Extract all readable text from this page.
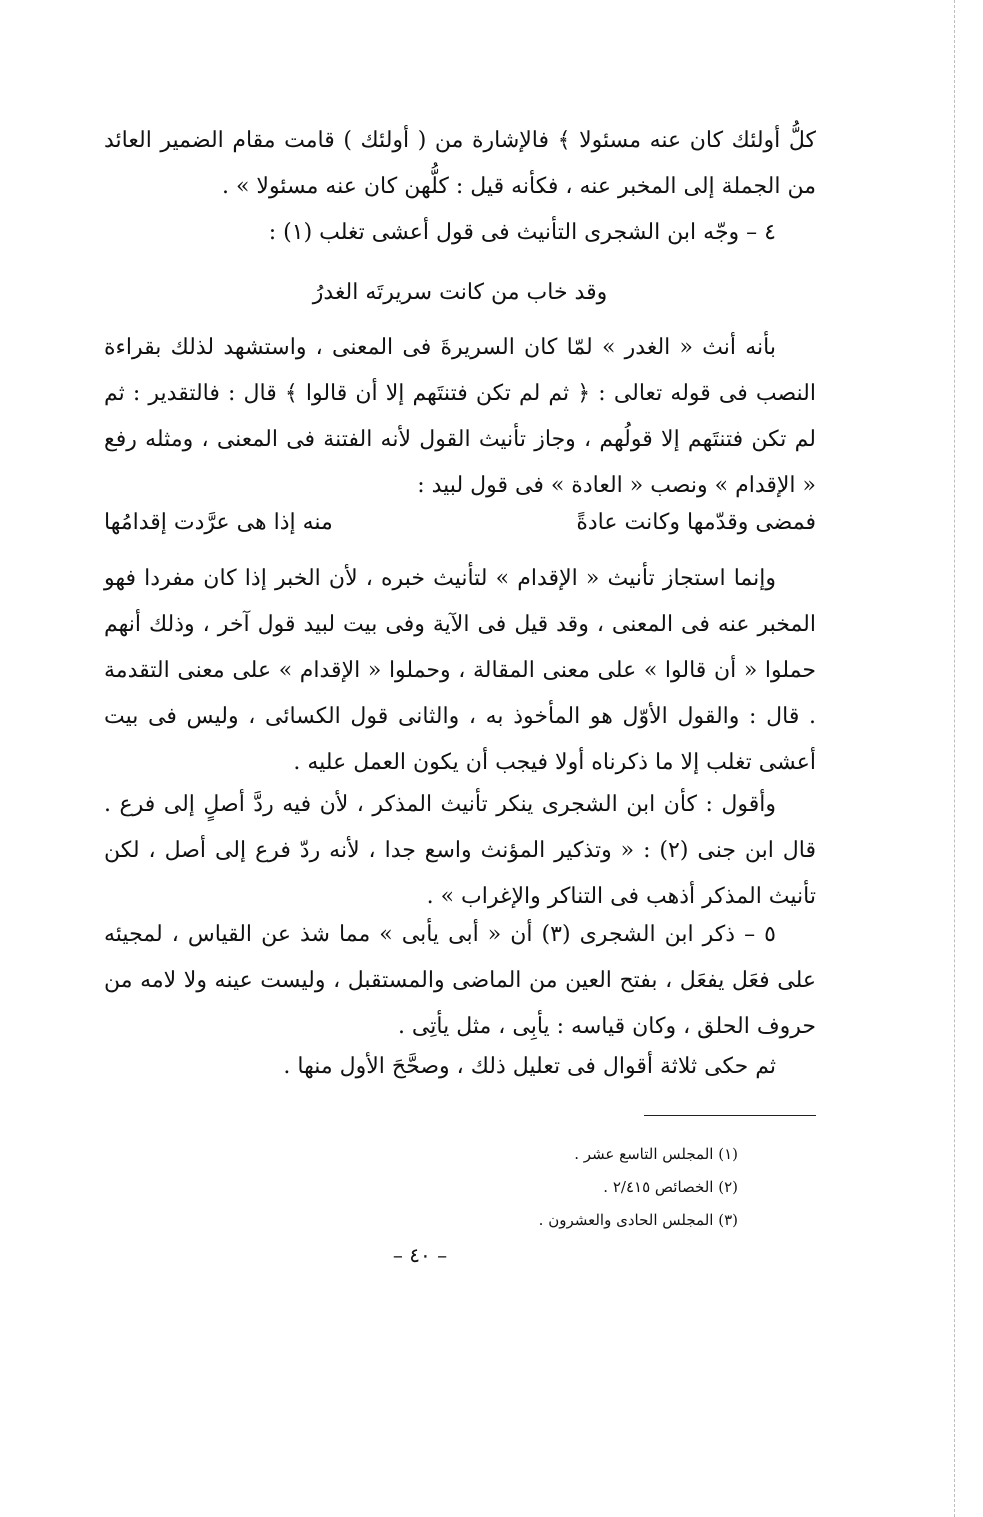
كلُّ أولئك كان عنه مسئولا ﴾ فالإشارة من ( أولئك ) قامت مقام الضمير العائد من الجملة إلى المخبر عنه ، فكأنه قيل : كلُّهن كان عنه مسئولا » .

٤ – وجّه ابن الشجرى التأنيث فى قول أعشى تغلب (١) :

وقد خاب من كانت سريرتَه الغدرُ

بأنه أنث « الغدر » لمّا كان السريرةَ فى المعنى ، واستشهد لذلك بقراءة النصب فى قوله تعالى : ﴿ ثم لم تكن فتنتَهم إلا أن قالوا ﴾ قال : فالتقدير : ثم لم تكن فتنتَهم إلا قولُهم ، وجاز تأنيث القول لأنه الفتنة فى المعنى ، ومثله رفع « الإقدام » ونصب « العادة » فى قول لبيد :

فمضى وقدّمها وكانت عادةً
منه إذا هى عرَّدت إقدامُها

وإنما استجاز تأنيث « الإقدام » لتأنيث خبره ، لأن الخبر إذا كان مفردا فهو المخبر عنه فى المعنى ، وقد قيل فى الآية وفى بيت لبيد قول آخر ، وذلك أنهم حملوا « أن قالوا » على معنى المقالة ، وحملوا « الإقدام » على معنى التقدمة . قال : والقول الأوّل هو المأخوذ به ، والثانى قول الكسائى ، وليس فى بيت أعشى تغلب إلا ما ذكرناه أولا فيجب أن يكون العمل عليه .

وأقول : كأن ابن الشجرى ينكر تأنيث المذكر ، لأن فيه ردَّ أصلٍ إلى فرع . قال ابن جنى (٢) : « وتذكير المؤنث واسع جدا ، لأنه ردّ فرع إلى أصل ، لكن تأنيث المذكر أذهب فى التناكر والإغراب » .

٥ – ذكر ابن الشجرى (٣) أن « أبى يأبى » مما شذ عن القياس ، لمجيئه على فعَل يفعَل ، بفتح العين من الماضى والمستقبل ، وليست عينه ولا لامه من حروف الحلق ، وكان قياسه : يأبِى ، مثل يأتِى .

ثم حكى ثلاثة أقوال فى تعليل ذلك ، وصحَّحَ الأول منها .

(١) المجلس التاسع عشر .
(٢) الخصائص ٢/٤١٥ .
(٣) المجلس الحادى والعشرون .
– ٤٠ –
